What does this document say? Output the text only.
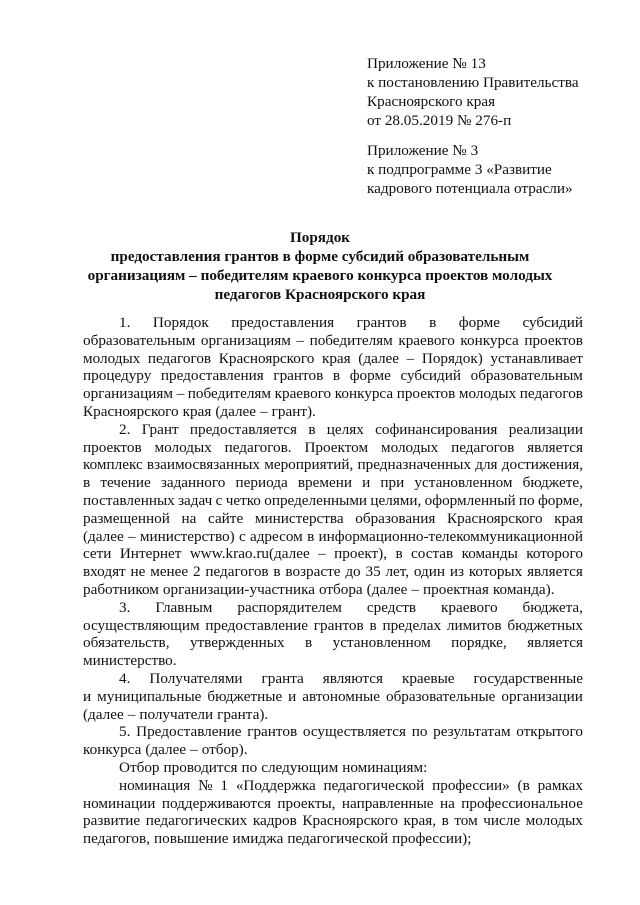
Приложение № 13
к постановлению Правительства
Красноярского края
от 28.05.2019 № 276-п
Приложение № 3
к подпрограмме 3 «Развитие
кадрового потенциала отрасли»
Порядок
предоставления грантов в форме субсидий образовательным
организациям – победителям краевого конкурса проектов молодых
педагогов Красноярского края
1. Порядок предоставления грантов в форме субсидий
образовательным организациям – победителям краевого конкурса проектов
молодых педагогов Красноярского края (далее – Порядок) устанавливает
процедуру предоставления грантов в форме субсидий образовательным
организациям – победителям краевого конкурса проектов молодых педагогов
Красноярского края (далее – грант).
2. Грант предоставляется в целях софинансирования реализации
проектов молодых педагогов. Проектом молодых педагогов является
комплекс взаимосвязанных мероприятий, предназначенных для достижения,
в течение заданного периода времени и при установленном бюджете,
поставленных задач с четко определенными целями, оформленный по форме,
размещенной на сайте министерства образования Красноярского края
(далее – министерство) с адресом в информационно-телекоммуникационной
сети Интернет www.krao.ru(далее – проект), в состав команды которого
входят не менее 2 педагогов в возрасте до 35 лет, один из которых является
работником организации-участника отбора (далее – проектная команда).
3. Главным распорядителем средств краевого бюджета,
осуществляющим предоставление грантов в пределах лимитов бюджетных
обязательств, утвержденных в установленном порядке, является
министерство.
4. Получателями гранта являются краевые государственные
и муниципальные бюджетные и автономные образовательные организации
(далее – получатели гранта).
5. Предоставление грантов осуществляется по результатам открытого
конкурса (далее – отбор).
Отбор проводится по следующим номинациям:
номинация № 1 «Поддержка педагогической профессии» (в рамках
номинации поддерживаются проекты, направленные на профессиональное
развитие педагогических кадров Красноярского края, в том числе молодых
педагогов, повышение имиджа педагогической профессии);
